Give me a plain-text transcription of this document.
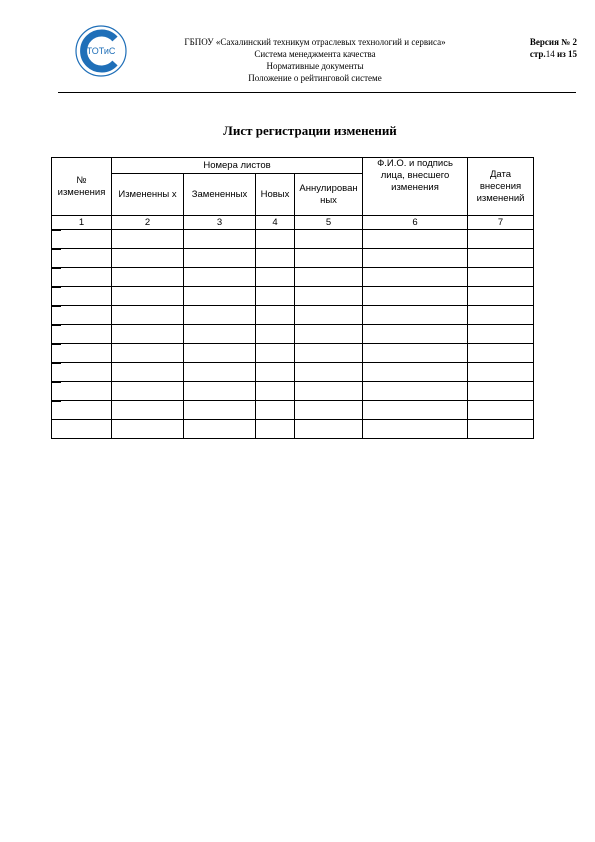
ТОТиС
ГБПОУ «Сахалинский техникум отраслевых технологий и сервиса»
Система менеджмента качества
Нормативные документы
Положение о рейтинговой системе
Версия № 2
стр.14 из 15
Лист регистрации изменений
№
изменения	Номера листов				Ф.И.О. и подпись лица, внесшего изменения	Дата внесения изменений
	Измененны х	Замененных	Новых	Аннулирован ных		
1	2	3	4	5	6	7
